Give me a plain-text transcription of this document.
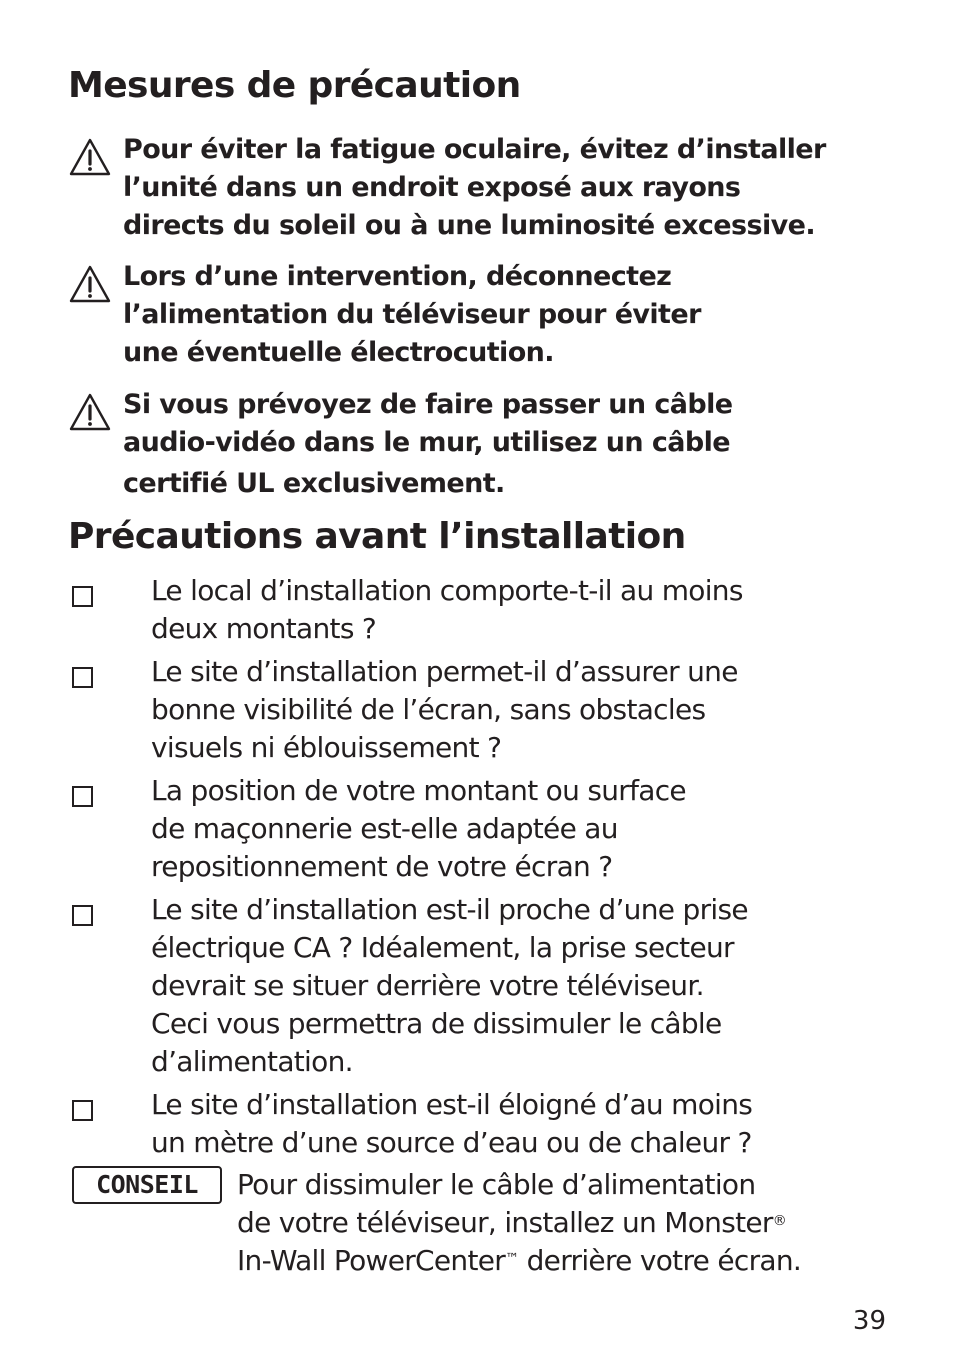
Mesures de précaution
Pour éviter la fatigue oculaire, évitez d’installer
l’unité dans un endroit exposé aux rayons
directs du soleil ou à une luminosité excessive.
Lors d’une intervention, déconnectez
l’alimentation du téléviseur pour éviter
une éventuelle électrocution.
Si vous prévoyez de faire passer un câble
audio-vidéo dans le mur, utilisez un câble
certifié UL exclusivement.
Précautions avant l’installation
Le local d’installation comporte-t-il au moins
deux montants ?
Le site d’installation permet-il d’assurer une
bonne visibilité de l’écran, sans obstacles
visuels ni éblouissement ?
La position de votre montant ou surface
de maçonnerie est-elle adaptée au
repositionnement de votre écran ?
Le site d’installation est-il proche d’une prise
électrique CA ? Idéalement, la prise secteur
devrait se situer derrière votre téléviseur.
Ceci vous permettra de dissimuler le câble
d’alimentation.
Le site d’installation est-il éloigné d’au moins
un mètre d’une source d’eau ou de chaleur ?
CONSEIL	Pour dissimuler le câble d’alimentation
de votre téléviseur, installez un Monster®
In-Wall PowerCenter™ derrière votre écran.
39
